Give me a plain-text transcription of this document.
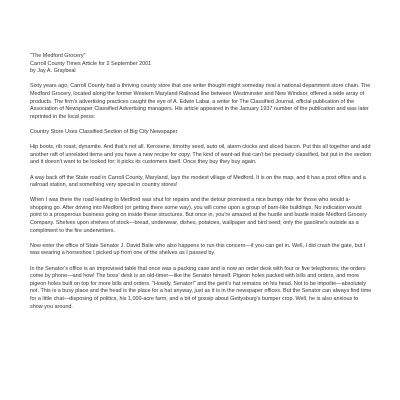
"The Medford Grocery"
Carroll County Times Article for 2 September 2001
by Jay A. Graybeal

Sixty years ago, Carroll County had a thriving county store that one writer thought might someday rival a national department store chain. The Medford Grocery, located along the former Western Maryland Railroad line between Westminster and New Windsor, offered a wide array of products. The firm's advertising practices caught the eye of A. Edwin Labai, a writer for The Classified Journal, official publication of the Association of Newspaper Classified Advertising managers. His article appeared in the January 1937 number of the publication and was later reprinted in the local press:

Country Store Uses Classified Section of Big City Newspaper

Hip boots, rib roast, dynamite. And that's not all. Kerosene, timothy seed, auto oil, alarm clocks and sliced bacon. Put this all together and add another raft of unrelated items and you have a new recipe for copy. The kind of want-ad that can't be precisely classified, but put in the section and it doesn't want to be looked for; it picks its customers itself. Once they buy they buy again.

A way back off the State road in Carroll County, Maryland, lays the modest village of Medford. It is on the map, and it has a post office and a railroad station, and something very special in country stores!

When I was there the road leading to Medford was shut for repairs and the detour promised a nice bumpy ride for those who would a-shopping go. After driving into Medford (or getting there some way), you will come upon a group of barn-like buildings. No indication would point to a prosperous business going on inside these structures. But once in, you're amazed at the hustle and bustle inside Medford Grocery Company. Shelves upon shelves of stock—bread, underwear, dishes, potatoes, wallpaper and bird seed; only the gasoline's outside as a compliment to the fire underwriters.

Now enter the office of State Senator J. David Baile who also happens to run this concern—if you can get in. Well, I did crash the gate, but I was wearing a horseshoe I picked up from one of the shelves as I passed by.

In the Senator's office is an improvised table that once was a packing case and is now an order desk with four or five telephones; the orders come by phone—and how! The boss' desk is an old-timer—like the Senator himself. Pigeon holes packed with bills and orders, and more pigeon holes built on top for more bills and orders. "Howdy, Senator!" and the gent's hat remains on his head. Not to be impolite—absolutely not. This is a busy place and the head is the place for a hat anyway, just as it is in the newspaper offices. But the Senator can always find time for a little chat—disposing of politics, his 1,000-acre farm, and a bit of gossip about Gettysburg's bumper crop. Well, he is also anxious to show you around.
